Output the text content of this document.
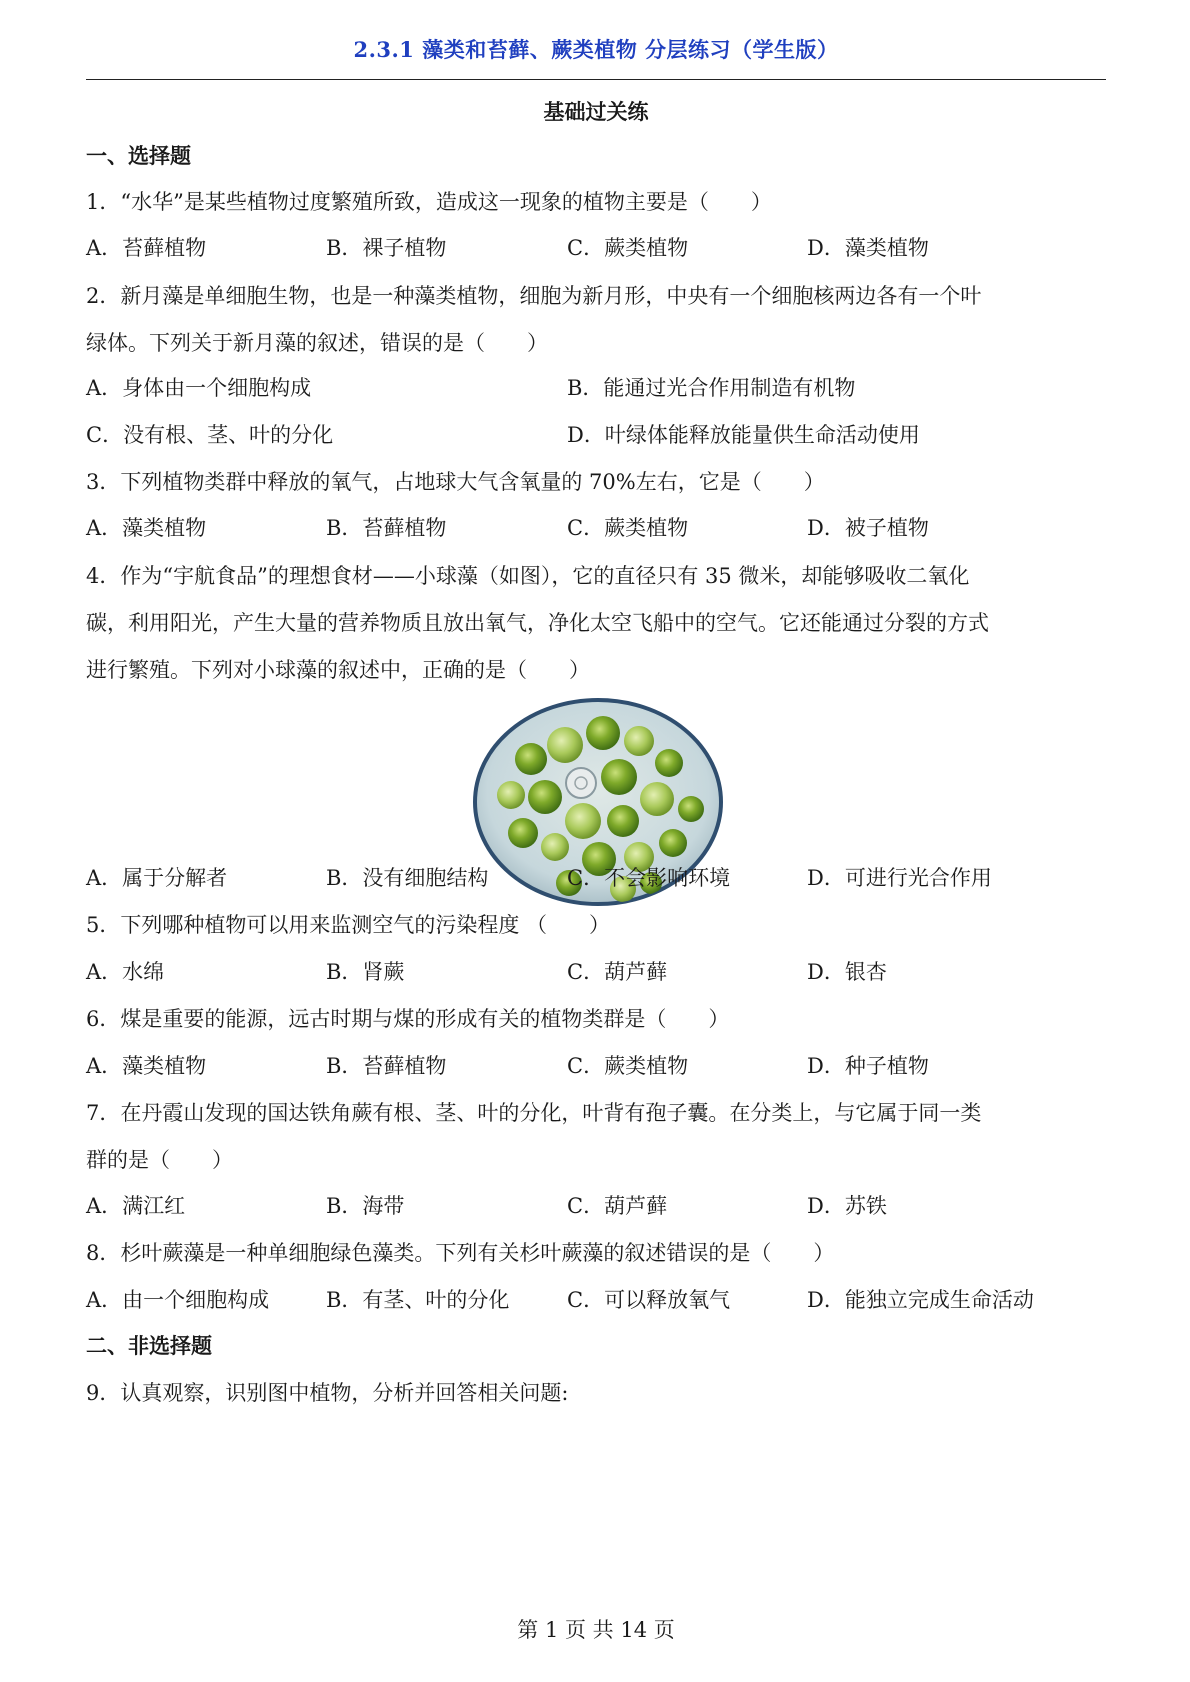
2.3.1 藻类和苔藓、蕨类植物 分层练习（学生版）
基础过关练
一、选择题
1．“水华”是某些植物过度繁殖所致，造成这一现象的植物主要是（　　）
A．苔藓植物	B．裸子植物	C．蕨类植物	D．藻类植物
2．新月藻是单细胞生物，也是一种藻类植物，细胞为新月形，中央有一个细胞核两边各有一个叶
绿体。下列关于新月藻的叙述，错误的是（　　）
A．身体由一个细胞构成	B．能通过光合作用制造有机物
C．没有根、茎、叶的分化	D．叶绿体能释放能量供生命活动使用
3．下列植物类群中释放的氧气，占地球大气含氧量的 70%左右，它是（　　）
A．藻类植物	B．苔藓植物	C．蕨类植物	D．被子植物
4．作为“宇航食品”的理想食材——小球藻（如图），它的直径只有 35 微米，却能够吸收二氧化
碳，利用阳光，产生大量的营养物质且放出氧气，净化太空飞船中的空气。它还能通过分裂的方式
进行繁殖。下列对小球藻的叙述中，正确的是（　　）
A．属于分解者	B．没有细胞结构	C．不会影响环境	D．可进行光合作用
5．下列哪种植物可以用来监测空气的污染程度 （　　）
A．水绵	B．肾蕨	C．葫芦藓	D．银杏
6．煤是重要的能源，远古时期与煤的形成有关的植物类群是（　　）
A．藻类植物	B．苔藓植物	C．蕨类植物	D．种子植物
7．在丹霞山发现的国达铁角蕨有根、茎、叶的分化，叶背有孢子囊。在分类上，与它属于同一类
群的是（　　）
A．满江红	B．海带	C．葫芦藓	D．苏铁
8．杉叶蕨藻是一种单细胞绿色藻类。下列有关杉叶蕨藻的叙述错误的是（　　）
A．由一个细胞构成	B．有茎、叶的分化	C．可以释放氧气	D．能独立完成生命活动
二、非选择题
9．认真观察，识别图中植物，分析并回答相关问题:
第 1 页 共 14 页
